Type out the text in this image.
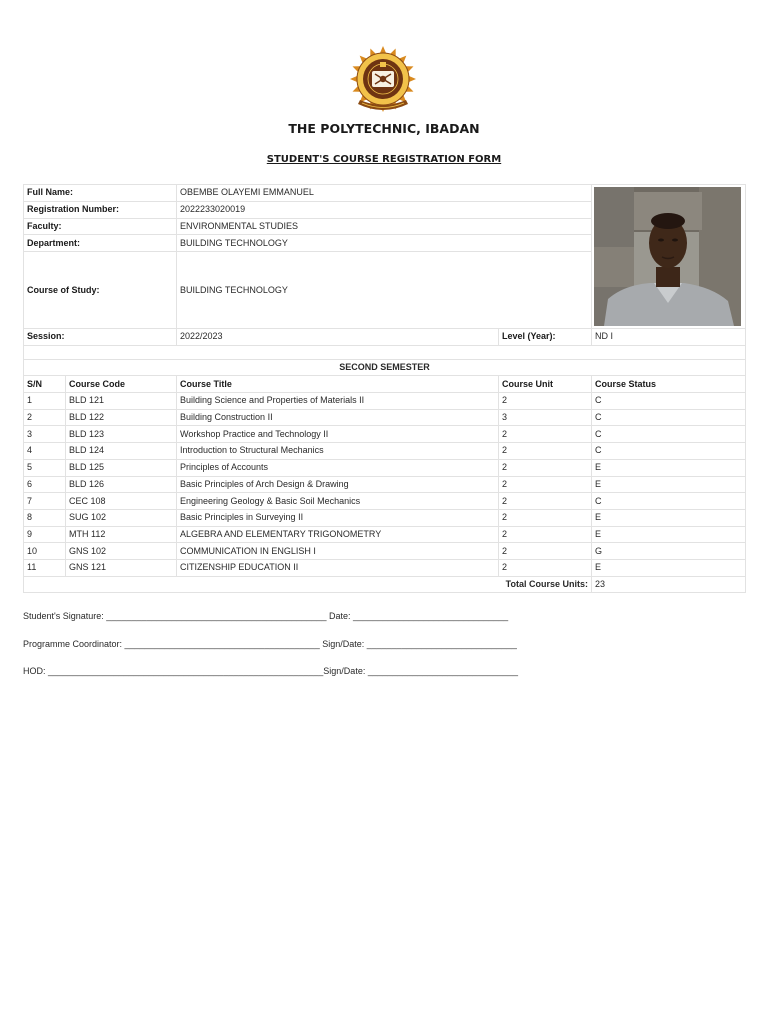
THE POLYTECHNIC, IBADAN
STUDENT'S COURSE REGISTRATION FORM
Full Name:		OBEMBE OLAYEMI EMMANUEL	

Registration Number:		2022233020019		
Faculty:		ENVIRONMENTAL STUDIES		
Department:		BUILDING TECHNOLOGY		
Course of Study:		BUILDING TECHNOLOGY		
Session:		2022/2023	Level (Year):	ND I

SECOND SEMESTER				
S/N	Course Code	Course Title	Course Unit	Course Status
1	BLD 121	Building Science and Properties of Materials II	2	C
2	BLD 122	Building Construction II	3	C
3	BLD 123	Workshop Practice and Technology II	2	C
4	BLD 124	Introduction to Structural Mechanics	2	C
5	BLD 125	Principles of Accounts	2	E
6	BLD 126	Basic Principles of Arch Design & Drawing	2	E
7	CEC 108	Engineering Geology & Basic Soil Mechanics	2	C
8	SUG 102	Basic Principles in Surveying II	2	E
9	MTH 112	ALGEBRA AND ELEMENTARY TRIGONOMETRY	2	E
10	GNS 102	COMMUNICATION IN ENGLISH I	2	G
11	GNS 121	CITIZENSHIP EDUCATION II	2	E
Total Course Units:				23
Student's Signature: ____________________________________________ Date: _______________________________
Programme Coordinator: _______________________________________ Sign/Date: ______________________________
HOD: _______________________________________________________Sign/Date: ______________________________
